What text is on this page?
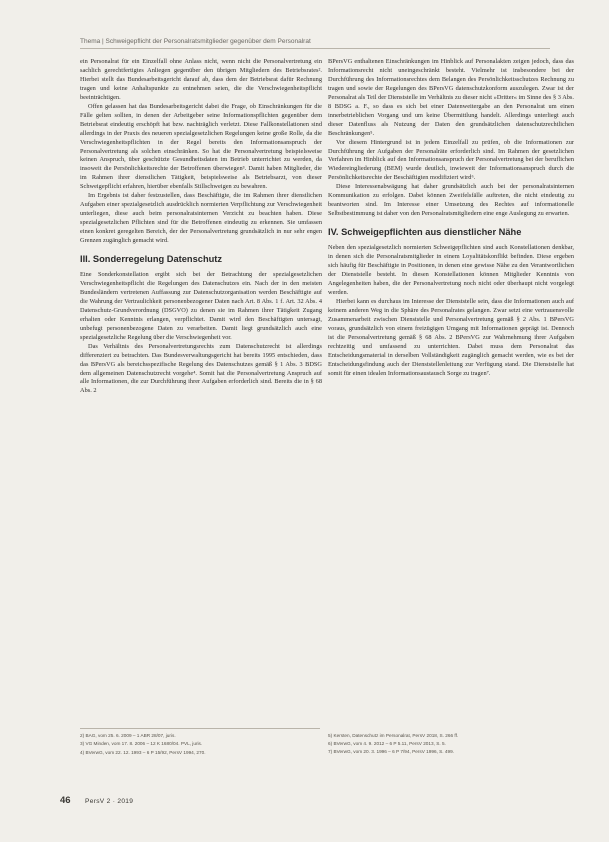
Thema | Schweigepflicht der Personalratsmitglieder gegenüber dem Personalrat

ein Personalrat für ein Einzelfall ohne Anlass nicht, wenn nicht die Personalvertretung ein sachlich gerechtfertigtes Anliegen gegenüber den übrigen Mitgliedern des Betriebsrates². Hierbei stellt das Bundesarbeitsgericht darauf ab, dass dem der Betriebsrat dafür Rechnung tragen und keine Anhaltspunkte zu entnehmen seien, die die Verschwiegenheitspflicht beeinträchtigen.

Offen gelassen hat das Bundesarbeitsgericht dabei die Frage, ob Einschränkungen für die Fälle gelten sollten, in denen der Arbeitgeber seine Informationspflichten gegenüber dem Betriebsrat eindeutig erschöpft hat bzw. nachträglich verletzt. Diese Fallkonstellationen sind allerdings in der Praxis des neueren spezialgesetzlichen Regelungen keine große Rolle, da die Verschwiegenheitspflichten in der Regel bereits den Informationsanspruch der Personalvertretung als solchen einschränken. So hat die Personalvertretung beispielsweise keinen Anspruch, über geschützte Gesundheitsdaten im Betrieb unterrichtet zu werden, da insoweit die Persönlichkeitsrechte der Betroffenen überwiegen³. Damit haben Mitglieder, die im Rahmen ihrer dienstlichen Tätigkeit, beispielsweise als Betriebsarzt, von dieser Schweigepflicht erfahren, hierüber ebenfalls Stillschweigen zu bewahren.

Im Ergebnis ist daher festzustellen, dass Beschäftigte, die im Rahmen ihrer dienstlichen Aufgaben einer spezialgesetzlich ausdrücklich normierten Verpflichtung zur Verschwiegenheit unterliegen, diese auch beim personalratsinternen Verzicht zu beachten haben. Diese spezialgesetzlichen Pflichten sind für die Betroffenen eindeutig zu erkennen. Sie umfassen einen konkret geregelten Bereich, der der Personalvertretung grundsätzlich in nur sehr engen Grenzen zugänglich gemacht wird.

III. Sonderregelung Datenschutz

Eine Sonderkonstellation ergibt sich bei der Betrachtung der spezialgesetzlichen Verschwiegenheitspflicht die Regelungen des Datenschutzes ein. Nach der in den meisten Bundesländern vertretenen Auffassung zur Datenschutzorganisation werden Beschäftigte auf die Wahrung der Vertraulichkeit personenbezogener Daten nach Art. 8 Abs. 1 f. Art. 32 Abs. 4 Datenschutz-Grundverordnung (DSGVO) zu denen sie im Rahmen ihrer Tätigkeit Zugang erhalten oder Kenntnis erlangen, verpflichtet. Damit wird den Beschäftigten untersagt, unbefugt personenbezogene Daten zu verarbeiten. Damit liegt grundsätzlich auch eine spezialgesetzliche Regelung über die Verschwiegenheit vor.

Das Verhältnis des Personalvertretungsrechts zum Datenschutzrecht ist allerdings differenziert zu betrachten. Das Bundesverwaltungsgericht hat bereits 1995 entschieden, dass das BPersVG als bereichsspezifische Regelung des Datenschutzes gemäß § 1 Abs. 3 BDSG dem allgemeinen Datenschutzrecht vorgehe⁴. Somit hat die Personalvertretung Anspruch auf alle Informationen, die zur Durchführung ihrer Aufgaben erforderlich sind. Bereits die in § 68 Abs. 2

BPersVG enthaltenen Einschränkungen im Hinblick auf Personalakten zeigen jedoch, dass das Informationsrecht nicht uneingeschränkt besteht. Vielmehr ist insbesondere bei der Durchführung des Informationsrechtes dem Belangen des Persönlichkeitsschutzes Rechnung zu tragen und sowie der Regelungen des BPersVG datenschutzkonform auszulegen. Zwar ist der Personalrat als Teil der Dienststelle im Verhältnis zu dieser nicht »Dritter« im Sinne des § 3 Abs. 8 BDSG a. F., so dass es sich bei einer Datenweitergabe an den Personalrat um einen innerbetrieblichen Vorgang und um keine Übermittlung handelt. Allerdings unterliegt auch dieser Datenfluss als Nutzung der Daten den grundsätzlichen datenschutzrechtlichen Beschränkungen⁵.

Vor diesem Hintergrund ist in jedem Einzelfall zu prüfen, ob die Informationen zur Durchführung der Aufgaben der Personalräte erforderlich sind. Im Rahmen der gesetzlichen Verfahren im Hinblick auf den Informationsanspruch der Personalvertretung bei der beruflichen Wiedereingliederung (BEM) wurde deutlich, inwieweit der Informationsanspruch durch die Persönlichkeitsrechte der Beschäftigten modifiziert wird⁶.

Diese Interessenabwägung hat daher grundsätzlich auch bei der personalratsinternen Kommunikation zu erfolgen. Dabei können Zweifelsfälle auftreten, die nicht eindeutig zu beantworten sind. Im Interesse einer Umsetzung des Rechtes auf informationelle Selbstbestimmung ist daher von den Personalratsmitgliedern eine enge Auslegung zu erwarten.

IV. Schweigepflichten aus dienstlicher Nähe

Neben den spezialgesetzlich normierten Schweigepflichten sind auch Konstellationen denkbar, in denen sich die Personalratsmitglieder in einem Loyalitätskonflikt befinden. Diese ergeben sich häufig für Beschäftigte in Positionen, in denen eine gewisse Nähe zu den Verantwortlichen der Dienststelle besteht. In diesen Konstellationen können Mitglieder Kenntnis von Angelegenheiten haben, die der Personalvertretung noch nicht oder überhaupt nicht vorgelegt werden.

Hierbei kann es durchaus im Interesse der Dienststelle sein, dass die Informationen auch auf keinem anderen Weg in die Sphäre des Personalrates gelangen. Zwar setzt eine vertrauensvolle Zusammenarbeit zwischen Dienststelle und Personalvertretung gemäß § 2 Abs. 1 BPersVG voraus, grundsätzlich von einem freizügigen Umgang mit Informationen geprägt ist. Dennoch ist die Personalvertretung gemäß § 68 Abs. 2 BPersVG zur Wahrnehmung ihrer Aufgaben rechtzeitig und umfassend zu unterrichten. Dabei muss dem Personalrat das Entscheidungsmaterial in derselben Vollständigkeit zugänglich gemacht werden, wie es bei der Entscheidungsfindung auch der Dienststellenleitung zur Verfügung stand. Die Dienststelle hat somit für einen idealen Informationsaustausch Sorge zu tragen⁷.

2) BAG, vom 25. 6. 2009 – 1 ABR 28/07, juris.

3) VG Minden, vom 17. 8. 2006 – 12 K 1680/04. PVL, juris.

4) BVerwG, vom 22. 12. 1993 – 6 P 15/92, PersV 1994, 270.

5) Kersten, Datenschutz im Personalrat, PersV 2018, S. 266 ff.

6) BVerwG, vom 4. 9. 2012 – 6 P 5.11, PersV 2013, S. 5.

7) BVerwG, vom 20. 3. 1996 – 6 P 7/94, PersV 1996, S. 499.

46 PersV 2 · 2019
